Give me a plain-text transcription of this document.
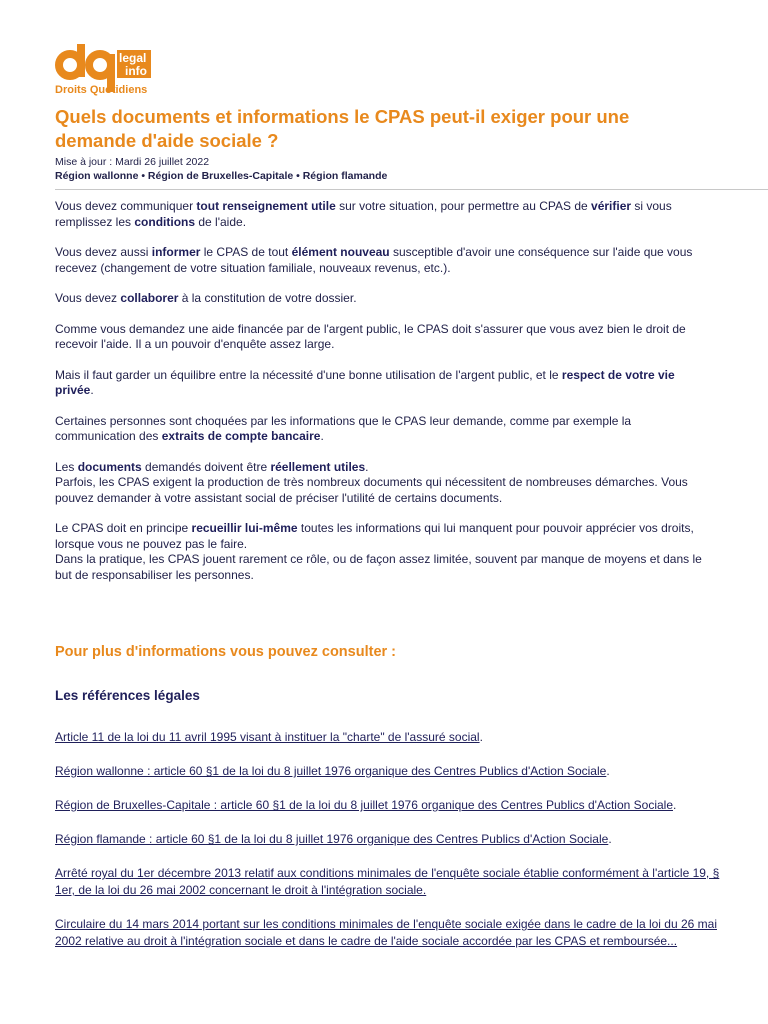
legal
info
Droits Quotidiens
Quels documents et informations le CPAS peut-il exiger pour une demande d'aide sociale ?
Mise à jour : Mardi 26 juillet 2022
Région wallonne • Région de Bruxelles-Capitale • Région flamande

Vous devez communiquer tout renseignement utile sur votre situation, pour permettre au CPAS de vérifier si vous remplissez les conditions de l'aide.

Vous devez aussi informer le CPAS de tout élément nouveau susceptible d'avoir une conséquence sur l'aide que vous recevez (changement de votre situation familiale, nouveaux revenus, etc.).

Vous devez collaborer à la constitution de votre dossier.

Comme vous demandez une aide financée par de l'argent public, le CPAS doit s'assurer que vous avez bien le droit de recevoir l'aide. Il a un pouvoir d'enquête assez large.

Mais il faut garder un équilibre entre la nécessité d'une bonne utilisation de l'argent public, et le respect de votre vie privée.

Certaines personnes sont choquées par les informations que le CPAS leur demande, comme par exemple la communication des extraits de compte bancaire.

Les documents demandés doivent être réellement utiles.
Parfois, les CPAS exigent la production de très nombreux documents qui nécessitent de nombreuses démarches. Vous pouvez demander à votre assistant social de préciser l'utilité de certains documents.

Le CPAS doit en principe recueillir lui-même toutes les informations qui lui manquent pour pouvoir apprécier vos droits, lorsque vous ne pouvez pas le faire.
Dans la pratique, les CPAS jouent rarement ce rôle, ou de façon assez limitée, souvent par manque de moyens et dans le but de responsabiliser les personnes.

Pour plus d'informations vous pouvez consulter :
Les références légales
Article 11 de la loi du 11 avril 1995 visant à instituer la "charte" de l'assuré social.
Région wallonne : article 60 §1 de la loi du 8 juillet 1976 organique des Centres Publics d'Action Sociale.
Région de Bruxelles-Capitale : article 60 §1 de la loi du 8 juillet 1976 organique des Centres Publics d'Action Sociale.
Région flamande : article 60 §1 de la loi du 8 juillet 1976 organique des Centres Publics d'Action Sociale.
Arrêté royal du 1er décembre 2013 relatif aux conditions minimales de l'enquête sociale établie conformément à l'article 19, § 1er, de la loi du 26 mai 2002 concernant le droit à l'intégration sociale.
Circulaire du 14 mars 2014 portant sur les conditions minimales de l'enquête sociale exigée dans le cadre de la loi du 26 mai 2002 relative au droit à l'intégration sociale et dans le cadre de l'aide sociale accordée par les CPAS et remboursée...
